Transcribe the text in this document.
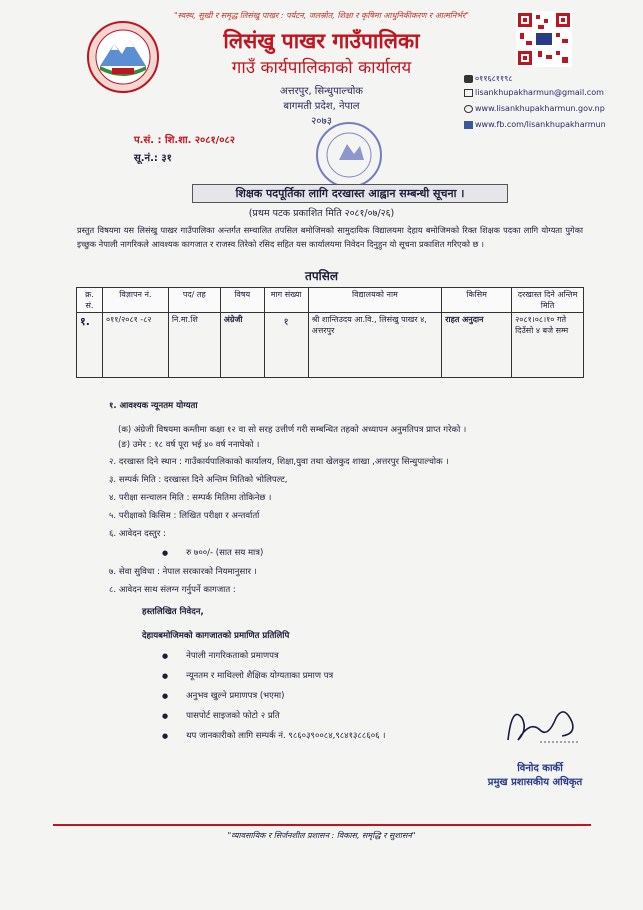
"स्वस्थ, सुखी र समृद्ध लिसंखु पाखर : पर्यटन, जलस्रोत, शिक्षा र कृषिमा आधुनिकीकरण र आत्मनिर्भर"
लिसंखु पाखर गाउँपालिका
गाउँ कार्यपालिकाको कार्यालय
अत्तरपुर, सिन्धुपाल्चोक
बागमती प्रदेश, नेपाल
२०७३
०११६८११९८
lisankhupakharmun@gmail.com
www.lisankhupakharmun.gov.np
www.fb.com/lisankhupakharmun
प.सं. : शि.शा. २०८१/०८२
सू.नं.: ३१
शिक्षक पदपूर्तिका लागि दरखास्त आह्वान सम्बन्धी सूचना ।
(प्रथम पटक प्रकाशित मिति २०८१/०७/२६)
प्रस्तुत विषयमा यस लिसंखु पाखर गाउँपालिका अन्तर्गत सम्चालित तपसिल बमोजिमको सामुदायिक विद्यालयमा देहाय बमोजिमको रिक्त शिक्षक पदका लागि योग्यता पुगेका इच्छुक नेपाली नागरिकले आवश्यक कागजात र राजस्व तिरेको रसिद सहित यस कार्यालयमा निवेदन दिनुहुन यो सूचना प्रकाशित गरिएको छ ।
तपसिल
क्र. सं.	विज्ञापन नं.	पद/ तह	विषय	माग संख्या	विद्यालयको नाम	किसिम	दरखास्त दिने अन्तिम मिति
१.	०११/२०८१ -८२	नि.मा.शि	अंग्रेजी	१	श्री शान्तिउदय आ.वि., लिसंखु पाखर ४, अत्तरपुर	राहत अनुदान	२०८१।०८।१० गते दिउँसो ४ बजे सम्म
१. आवश्यक न्यूनतम योग्यता
(क) अंग्रेजी विषयमा कम्तीमा कक्षा १२ वा सो सरह उत्तीर्ण गरी सम्बन्धित तहको अध्यापन अनुमतिपत्र प्राप्त गरेको ।
(ङ) उमेर : १८ वर्ष पूरा भई ४० वर्ष ननाघेको ।
२. दरखास्त दिने स्थान : गाउँकार्यपालिकाको कार्यालय, शिक्षा,युवा तथा खेलकुद शाखा ,अत्तरपुर सिन्धुपाल्चोक ।
३. सम्पर्क मिति : दरखास्त दिने अन्तिम मितिको भोलिपल्ट,
४. परीक्षा सन्चालन मिति : सम्पर्क मितिमा तोकिनेछ ।
५. परीक्षाको किसिम : लिखित परीक्षा र अन्तर्वार्ता
६. आवेदन दस्तुर :
● रु ७००/- (सात सय मात्र)
७. सेवा सुविधा : नेपाल सरकारको नियमानुसार ।
८. आवेदन साथ संलग्न गर्नुपर्ने कागजात :
हस्तलिखित निवेदन,
देहायबमोजिमको कागजातको प्रमाणित प्रतिलिपि
● नेपाली नागरिकताको प्रमाणपत्र
● न्यूनतम र माथिल्लो शैक्षिक योग्यताका प्रमाण पत्र
● अनुभव खुल्ने प्रमाणपत्र (भएमा)
● पासपोर्ट साइजको फोटो २ प्रति
● थप जानकारीको लागि सम्पर्क नं. ९८६०३९००८४,९८४१३८८६०६ ।
विनोद कार्की
प्रमुख प्रशासकीय अधिकृत
"व्यावसायिक र सिर्जनशील प्रशासन : विकास, समृद्धि र सुशासन"
